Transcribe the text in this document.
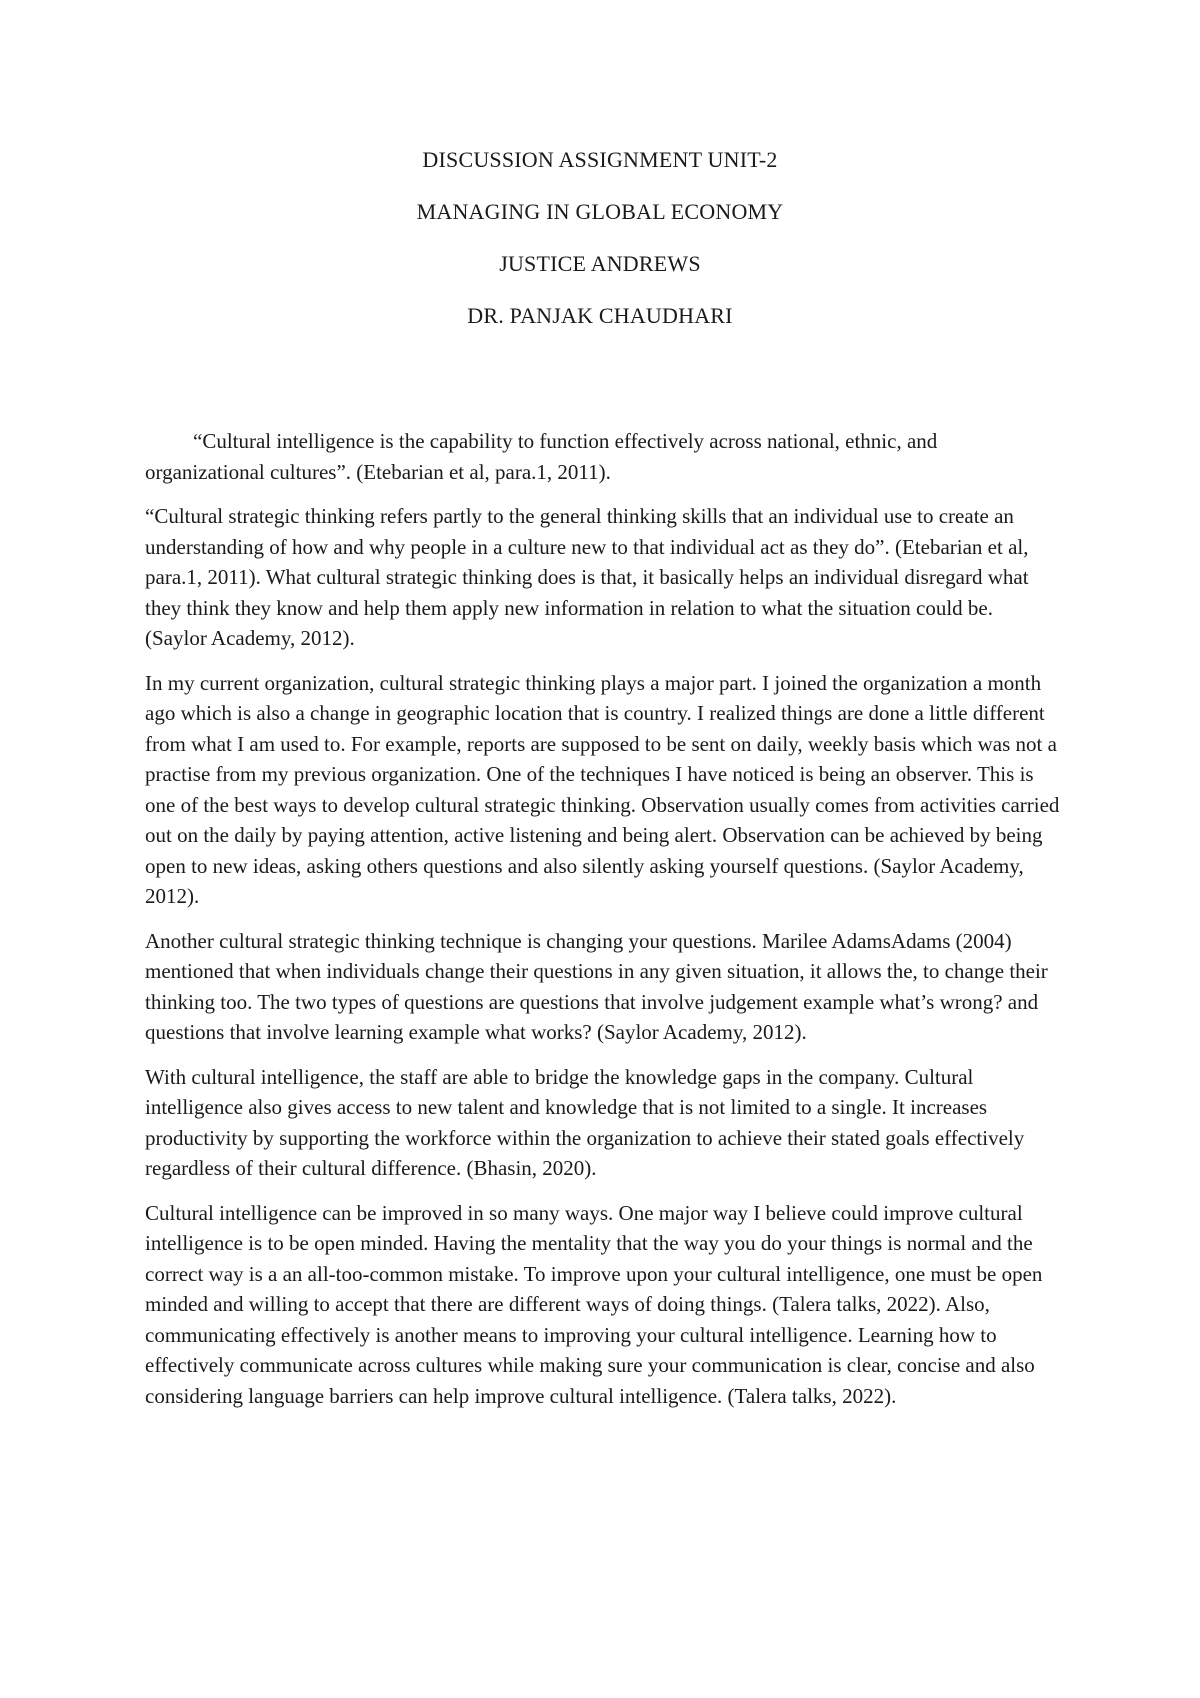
DISCUSSION ASSIGNMENT UNIT-2

MANAGING IN GLOBAL ECONOMY

JUSTICE ANDREWS

DR. PANJAK CHAUDHARI

“Cultural intelligence is the capability to function effectively across national, ethnic, and organizational cultures”. (Etebarian et al, para.1, 2011).

“Cultural strategic thinking refers partly to the general thinking skills that an individual use to create an understanding of how and why people in a culture new to that individual act as they do”. (Etebarian et al, para.1, 2011). What cultural strategic thinking does is that, it basically helps an individual disregard what they think they know and help them apply new information in relation to what the situation could be. (Saylor Academy, 2012).

In my current organization, cultural strategic thinking plays a major part. I joined the organization a month ago which is also a change in geographic location that is country. I realized things are done a little different from what I am used to. For example, reports are supposed to be sent on daily, weekly basis which was not a practise from my previous organization. One of the techniques I have noticed is being an observer. This is one of the best ways to develop cultural strategic thinking. Observation usually comes from activities carried out on the daily by paying attention, active listening and being alert. Observation can be achieved by being open to new ideas, asking others questions and also silently asking yourself questions. (Saylor Academy, 2012).

Another cultural strategic thinking technique is changing your questions. Marilee AdamsAdams (2004) mentioned that when individuals change their questions in any given situation, it allows the, to change their thinking too. The two types of questions are questions that involve judgement example what’s wrong? and questions that involve learning example what works? (Saylor Academy, 2012).

With cultural intelligence, the staff are able to bridge the knowledge gaps in the company. Cultural intelligence also gives access to new talent and knowledge that is not limited to a single. It increases productivity by supporting the workforce within the organization to achieve their stated goals effectively regardless of their cultural difference. (Bhasin, 2020).

Cultural intelligence can be improved in so many ways. One major way I believe could improve cultural intelligence is to be open minded. Having the mentality that the way you do your things is normal and the correct way is a an all-too-common mistake. To improve upon your cultural intelligence, one must be open minded and willing to accept that there are different ways of doing things. (Talera talks, 2022). Also, communicating effectively is another means to improving your cultural intelligence. Learning how to effectively communicate across cultures while making sure your communication is clear, concise and also considering language barriers can help improve cultural intelligence. (Talera talks, 2022).
